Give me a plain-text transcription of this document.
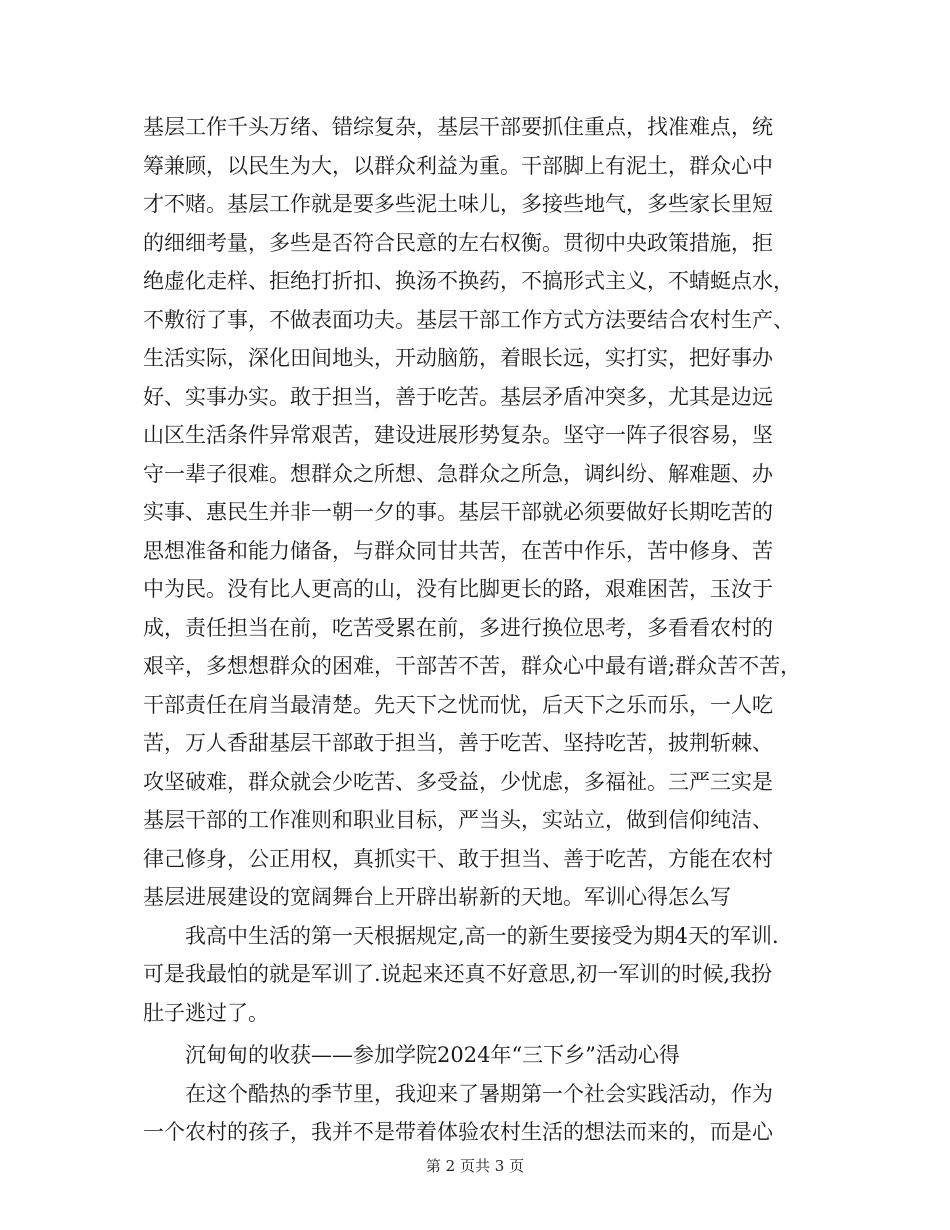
基层工作千头万绪、错综复杂，基层干部要抓住重点，找准难点，统
筹兼顾，以民生为大，以群众利益为重。干部脚上有泥土，群众心中
才不赌。基层工作就是要多些泥土味儿，多接些地气，多些家长里短
的细细考量，多些是否符合民意的左右权衡。贯彻中央政策措施，拒
绝虚化走样、拒绝打折扣、换汤不换药，不搞形式主义，不蜻蜓点水，
不敷衍了事，不做表面功夫。基层干部工作方式方法要结合农村生产、
生活实际，深化田间地头，开动脑筋，着眼长远，实打实，把好事办
好、实事办实。敢于担当，善于吃苦。基层矛盾冲突多，尤其是边远
山区生活条件异常艰苦，建设进展形势复杂。坚守一阵子很容易，坚
守一辈子很难。想群众之所想、急群众之所急，调纠纷、解难题、办
实事、惠民生并非一朝一夕的事。基层干部就必须要做好长期吃苦的
思想准备和能力储备，与群众同甘共苦，在苦中作乐，苦中修身、苦
中为民。没有比人更高的山，没有比脚更长的路，艰难困苦，玉汝于
成，责任担当在前，吃苦受累在前，多进行换位思考，多看看农村的
艰辛，多想想群众的困难，干部苦不苦，群众心中最有谱;群众苦不苦，
干部责任在肩当最清楚。先天下之忧而忧，后天下之乐而乐，一人吃
苦，万人香甜基层干部敢于担当，善于吃苦、坚持吃苦，披荆斩棘、
攻坚破难，群众就会少吃苦、多受益，少忧虑，多福祉。三严三实是
基层干部的工作准则和职业目标，严当头，实站立，做到信仰纯洁、
律己修身，公正用权，真抓实干、敢于担当、善于吃苦，方能在农村
基层进展建设的宽阔舞台上开辟出崭新的天地。军训心得怎么写
我高中生活的第一天根据规定,高一的新生要接受为期4天的军训.
可是我最怕的就是军训了.说起来还真不好意思,初一军训的时候,我扮
肚子逃过了。
沉甸甸的收获——参加学院2024年“三下乡”活动心得
在这个酷热的季节里，我迎来了暑期第一个社会实践活动，作为
一个农村的孩子，我并不是带着体验农村生活的想法而来的，而是心
第 2 页共 3 页
